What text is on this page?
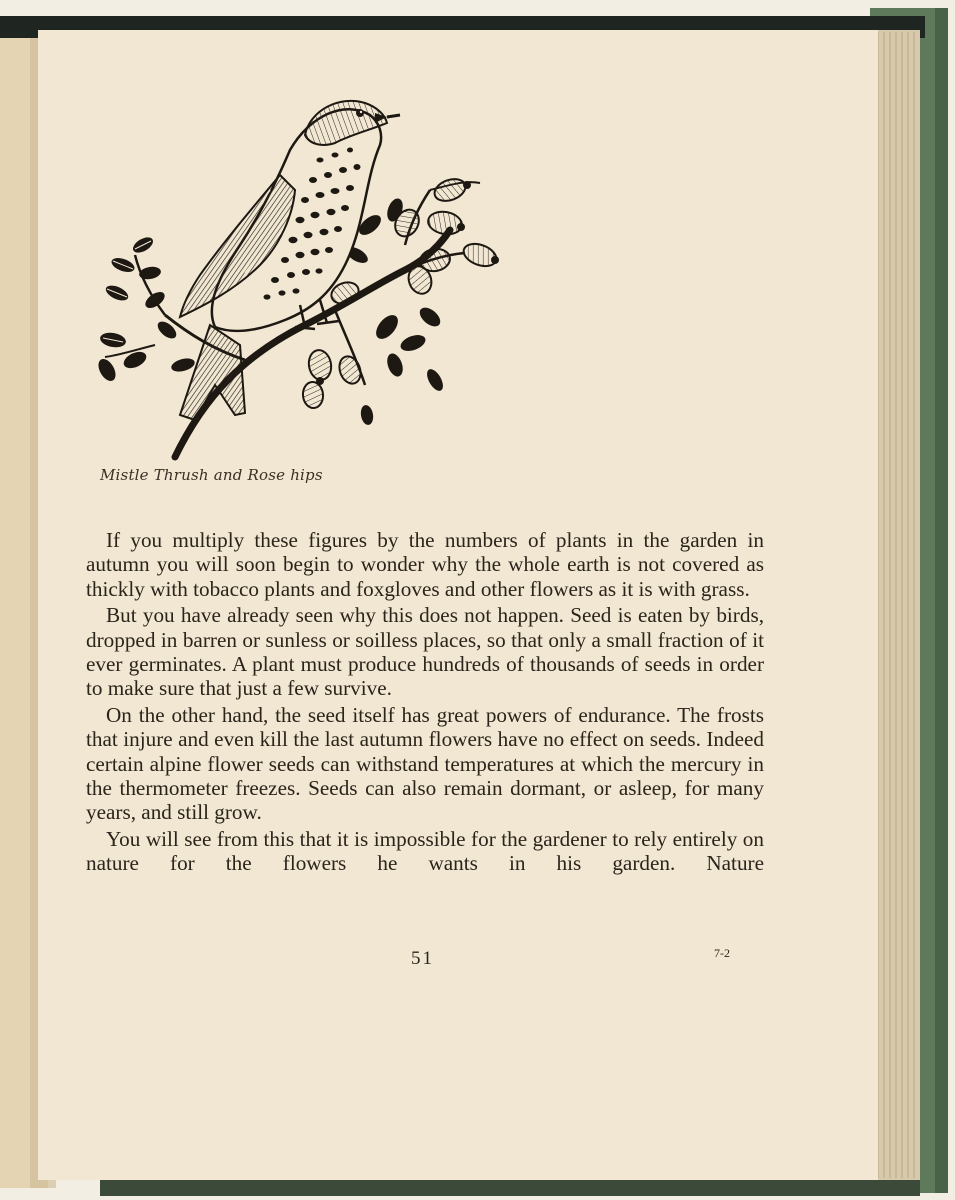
Mistle Thrush and Rose hips

If you multiply these figures by the numbers of plants in the garden in autumn you will soon begin to wonder why the whole earth is not covered as thickly with tobacco plants and foxgloves and other flowers as it is with grass.

But you have already seen why this does not happen. Seed is eaten by birds, dropped in barren or sunless or soilless places, so that only a small fraction of it ever germinates. A plant must produce hundreds of thousands of seeds in order to make sure that just a few survive.

On the other hand, the seed itself has great powers of endurance. The frosts that injure and even kill the last autumn flowers have no effect on seeds. Indeed certain alpine flower seeds can withstand temperatures at which the mercury in the thermometer freezes. Seeds can also remain dormant, or asleep, for many years, and still grow.

You will see from this that it is impossible for the gardener to rely entirely on nature for the flowers he wants in his garden. Nature

51	7-2
